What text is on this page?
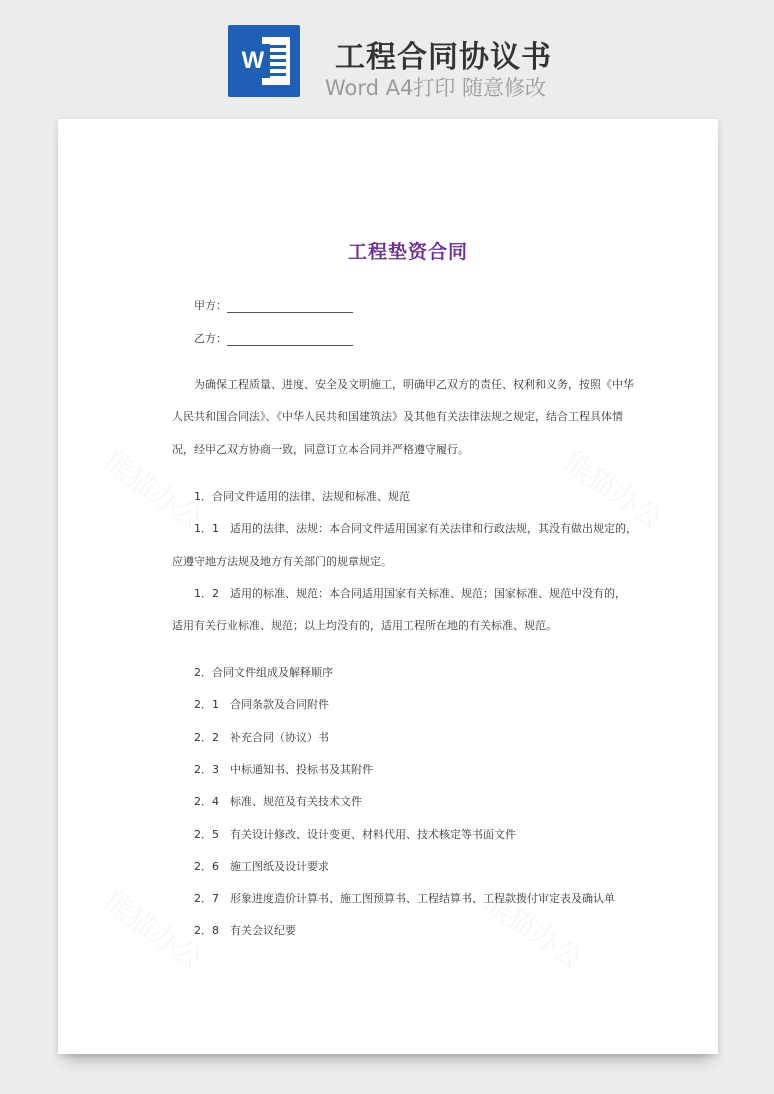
W 工程合同协议书
Word A4打印 随意修改
熊猫办公	熊猫办公
熊猫办公	熊猫办公
工程垫资合同
甲方：
乙方：
为确保工程质量、进度、安全及文明施工，明确甲乙双方的责任、权利和义务，按照《中华
人民共和国合同法》、《中华人民共和国建筑法》及其他有关法律法规之规定，结合工程具体情
况，经甲乙双方协商一致，同意订立本合同并严格遵守履行。
1．合同文件适用的法律、法规和标准、规范
1．1　适用的法律、法规：本合同文件适用国家有关法律和行政法规，其没有做出规定的，
应遵守地方法规及地方有关部门的规章规定。
1．2　适用的标准、规范：本合同适用国家有关标准、规范；国家标准、规范中没有的，
适用有关行业标准、规范；以上均没有的，适用工程所在地的有关标准、规范。
2．合同文件组成及解释顺序
2．1　合同条款及合同附件
2．2　补充合同（协议）书
2．3　中标通知书、投标书及其附件
2．4　标准、规范及有关技术文件
2．5　有关设计修改、设计变更、材料代用、技术核定等书面文件
2．6　施工图纸及设计要求
2．7　形象进度造价计算书、施工图预算书、工程结算书、工程款拨付审定表及确认单
2．8　有关会议纪要
